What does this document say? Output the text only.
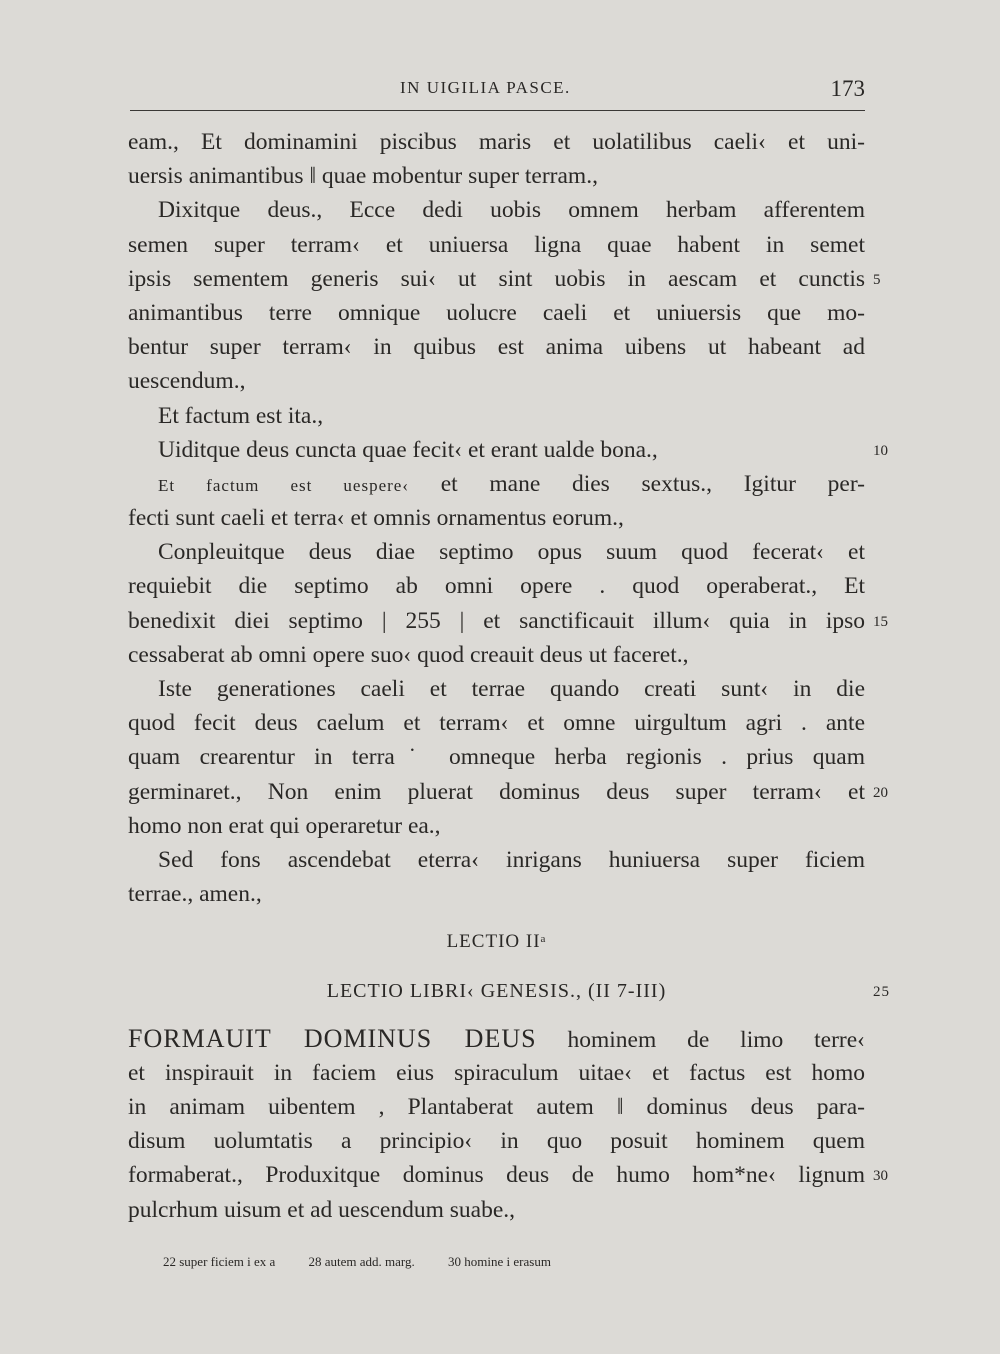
IN UIGILIA PASCE.	173
eam., Et dominamini piscibus maris et uolatilibus caeli‹ et uni-
uersis animantibus ‖ quae mobentur super terram.,
Dixitque deus., Ecce dedi uobis omnem herbam afferentem
semen super terram‹ et uniuersa ligna quae habent in semet
ipsis sementem generis sui‹ ut sint uobis in aescam et cunctis 5
animantibus terre omnique uolucre caeli et uniuersis que mo-
bentur super terram‹ in quibus est anima uibens ut habeant ad
uescendum.,
Et factum est ita.,
Uiditque deus cuncta quae fecit‹ et erant ualde bona.,	10
Et factum est uespere‹ et mane dies sextus., Igitur per-
fecti sunt caeli et terra‹ et omnis ornamentus eorum.,
Conpleuitque deus diae septimo opus suum quod fecerat‹ et
requiebit die septimo ab omni opere . quod operaberat., Et
benedixit diei septimo | 255 | et sanctificauit illum‹ quia in ipso 15
cessaberat ab omni opere suo‹ quod creauit deus ut faceret.,
Iste generationes caeli et terrae quando creati sunt‹ in die
quod fecit deus caelum et terram‹ et omne uirgultum agri . ante
quam crearentur in terra˙ omneque herba regionis . prius quam
germinaret., Non enim pluerat dominus deus super terram‹ et 20
homo non erat qui operaretur ea.,
Sed fons ascendebat eterra‹ inrigans huniuersa super ficiem
terrae., amen.,
LECTIO $II^a$
LECTIO LIBRI‹ GENESIS., (II 7-III)	25
FORMAUIT DOMINUS DEUS hominem de limo terre‹
et inspirauit in faciem eius spiraculum uitae‹ et factus est homo
in animam uibentem , Plantaberat autem ‖ dominus deus para-
disum uolumtatis a principio‹ in quo posuit hominem quem
formaberat., Produxitque dominus deus de humo hom*ne‹ lignum 30
pulcrhum uisum et ad uescendum suabe.,
22 super ficiem i ex a	28 autem add. marg.	30 homine i erasum
